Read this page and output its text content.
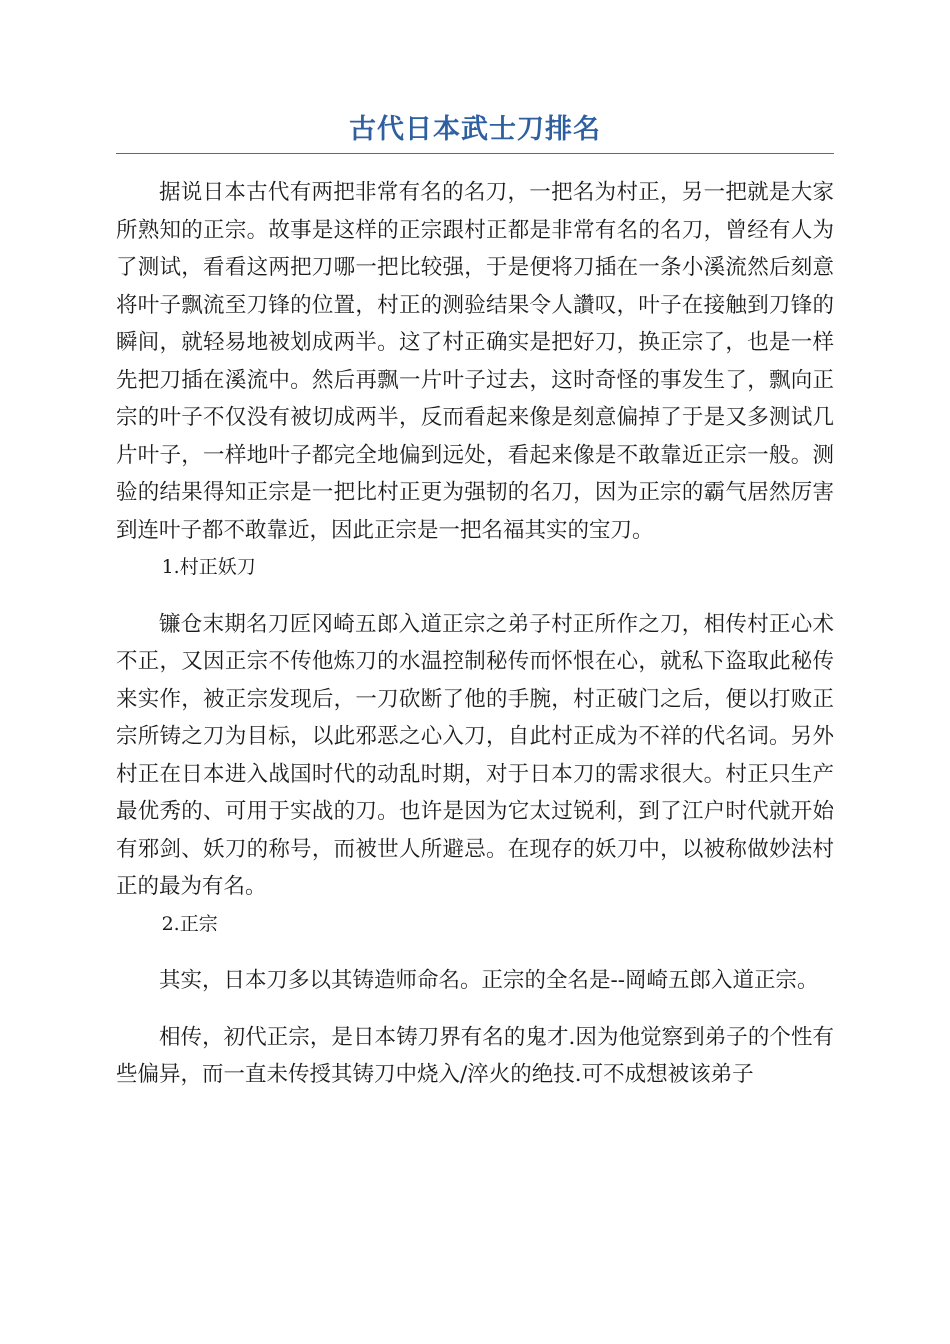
古代日本武士刀排名

据说日本古代有两把非常有名的名刀，一把名为村正，另一把就是大家所熟知的正宗。故事是这样的正宗跟村正都是非常有名的名刀，曾经有人为了测试，看看这两把刀哪一把比较强，于是便将刀插在一条小溪流然后刻意将叶子飘流至刀锋的位置，村正的测验结果令人讚叹，叶子在接触到刀锋的瞬间，就轻易地被划成两半。这了村正确实是把好刀，换正宗了，也是一样先把刀插在溪流中。然后再飘一片叶子过去，这时奇怪的事发生了，飘向正宗的叶子不仅没有被切成两半，反而看起来像是刻意偏掉了于是又多测试几片叶子，一样地叶子都完全地偏到远处，看起来像是不敢靠近正宗一般。测验的结果得知正宗是一把比村正更为强韧的名刀，因为正宗的霸气居然厉害到连叶子都不敢靠近，因此正宗是一把名福其实的宝刀。

1.村正妖刀

镰仓末期名刀匠冈崎五郎入道正宗之弟子村正所作之刀，相传村正心术不正，又因正宗不传他炼刀的水温控制秘传而怀恨在心，就私下盗取此秘传来实作，被正宗发现后，一刀砍断了他的手腕，村正破门之后，便以打败正宗所铸之刀为目标，以此邪恶之心入刀，自此村正成为不祥的代名词。另外村正在日本进入战国时代的动乱时期，对于日本刀的需求很大。村正只生产最优秀的、可用于实战的刀。也许是因为它太过锐利，到了江户时代就开始有邪剑、妖刀的称号，而被世人所避忌。在现存的妖刀中，以被称做妙法村正的最为有名。

2.正宗

其实，日本刀多以其铸造师命名。正宗的全名是--岡崎五郎入道正宗。

相传，初代正宗，是日本铸刀界有名的鬼才.因为他觉察到弟子的个性有些偏异，而一直未传授其铸刀中烧入/淬火的绝技.可不成想被该弟子
